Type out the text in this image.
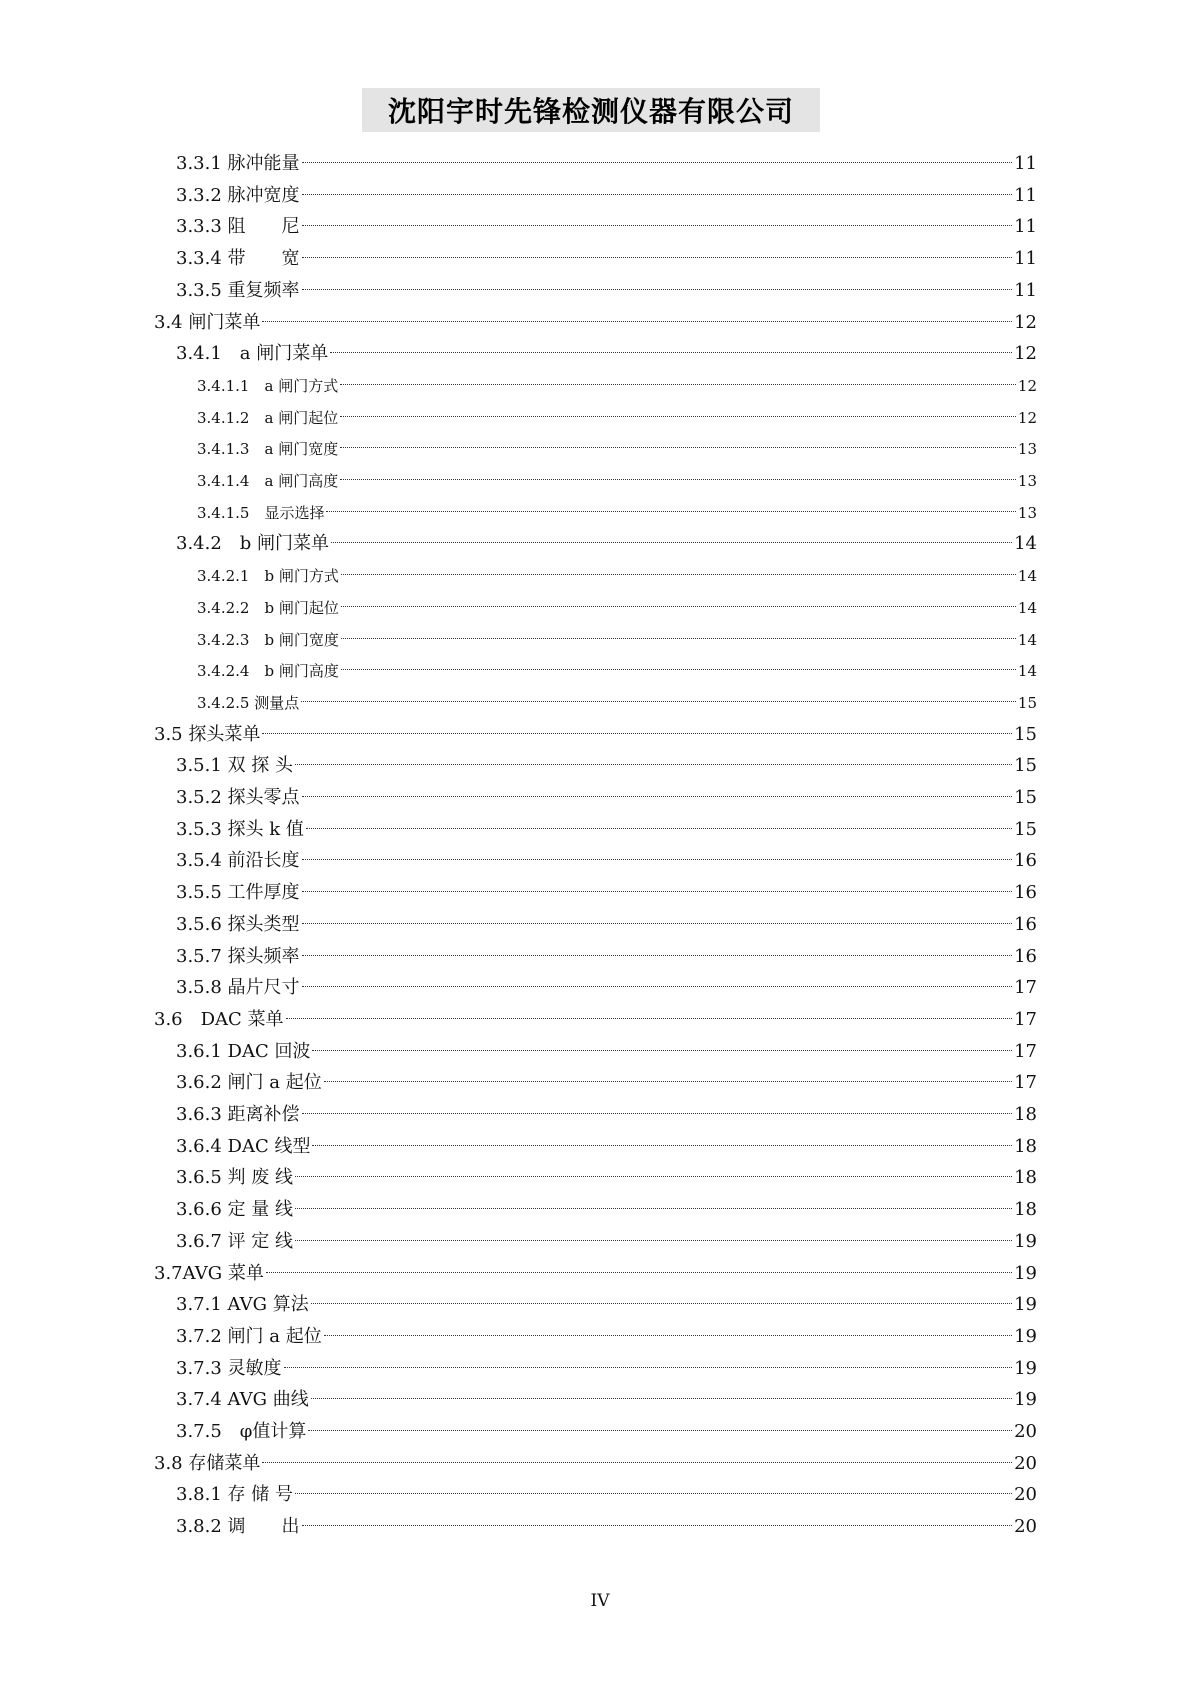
沈阳宇时先锋检测仪器有限公司
3.3.1 脉冲能量	11
3.3.2 脉冲宽度	11
3.3.3 阻　　尼	11
3.3.4 带　　宽	11
3.3.5 重复频率	11
3.4 闸门菜单	12
3.4.1　a 闸门菜单	12
3.4.1.1　a 闸门方式	12
3.4.1.2　a 闸门起位	12
3.4.1.3　a 闸门宽度	13
3.4.1.4　a 闸门高度	13
3.4.1.5　显示选择	13
3.4.2　b 闸门菜单	14
3.4.2.1　b 闸门方式	14
3.4.2.2　b 闸门起位	14
3.4.2.3　b 闸门宽度	14
3.4.2.4　b 闸门高度	14
3.4.2.5 测量点	15
3.5 探头菜单	15
3.5.1 双 探 头	15
3.5.2 探头零点	15
3.5.3 探头 k 值	15
3.5.4 前沿长度	16
3.5.5 工件厚度	16
3.5.6 探头类型	16
3.5.7 探头频率	16
3.5.8 晶片尺寸	17
3.6　DAC 菜单	17
3.6.1 DAC 回波	17
3.6.2 闸门 a 起位	17
3.6.3 距离补偿	18
3.6.4 DAC 线型	18
3.6.5 判 废 线	18
3.6.6 定 量 线	18
3.6.7 评 定 线	19
3.7AVG 菜单	19
3.7.1 AVG 算法	19
3.7.2 闸门 a 起位	19
3.7.3 灵敏度	19
3.7.4 AVG 曲线	19
3.7.5　φ值计算	20
3.8 存储菜单	20
3.8.1 存 储 号	20
3.8.2 调　　出	20
IV
